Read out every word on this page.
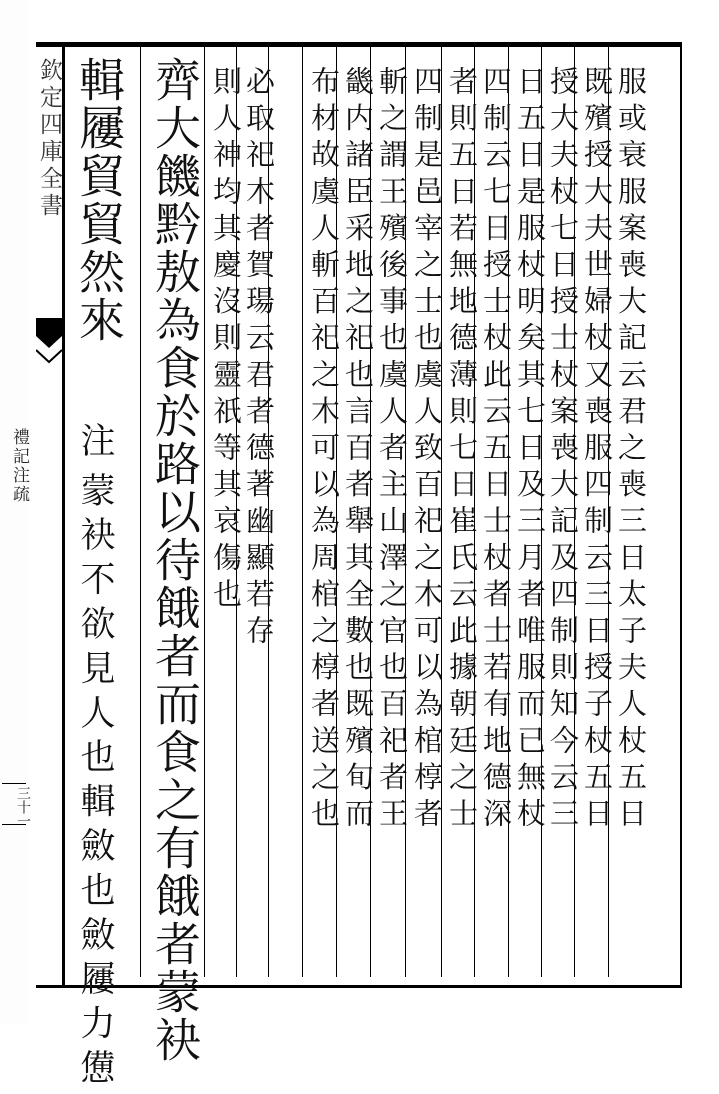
欽定四庫全書
禮記注疏
三十一	服或衰服案喪大記云君之喪三日太子夫人杖五日
既殯授大夫世婦杖又喪服四制云三日授子杖五日
授大夫杖七日授士杖案喪大記及四制則知今云三
日五日是服杖明矣其七日及三月者唯服而已無杖
四制云七日授士杖此云五日士杖者士若有地德深
者則五日若無地德薄則七日崔氏云此據朝廷之士
四制是邑宰之士也虞人致百祀之木可以為棺椁者
斬之謂王殯後事也虞人者主山澤之官也百祀者王
畿内諸臣采地之祀也言百者舉其全數也既殯旬而
布材故虞人斬百祀之木可以為周棺之椁者送之也
必取祀木者賀瑒云君者德著幽顯若存
則人神均其慶沒則靈祇等其哀傷也
齊大饑黔敖為食於路以待餓者而食之有餓者蒙袂
輯屨貿貿然來
注
蒙袂不欲見人也輯斂也斂屨力憊
